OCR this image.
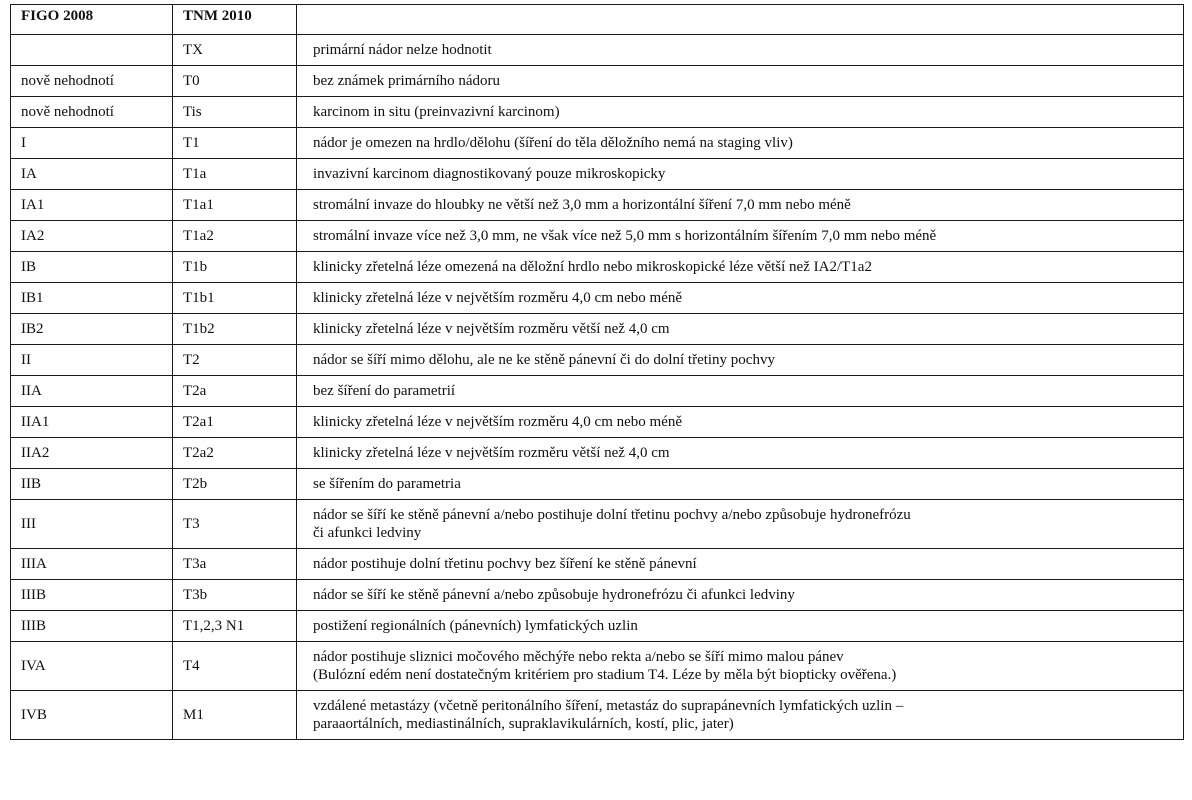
FIGO 2008	TNM 2010	
	TX	primární nádor nelze hodnotit
nově nehodnotí	T0	bez známek primárního nádoru
nově nehodnotí	Tis	karcinom in situ (preinvazivní karcinom)
I	T1	nádor je omezen na hrdlo/dělohu (šíření do těla děložního nemá na staging vliv)
IA	T1a	invazivní karcinom diagnostikovaný pouze mikroskopicky
IA1	T1a1	stromální invaze do hloubky ne větší než 3,0 mm a horizontální šíření 7,0 mm nebo méně
IA2	T1a2	stromální invaze více než 3,0 mm, ne však více než 5,0 mm s horizontálním šířením 7,0 mm nebo méně
IB	T1b	klinicky zřetelná léze omezená na děložní hrdlo nebo mikroskopické léze větší než IA2/T1a2
IB1	T1b1	klinicky zřetelná léze v největším rozměru 4,0 cm nebo méně
IB2	T1b2	klinicky zřetelná léze v největším rozměru větší než 4,0 cm
II	T2	nádor se šíří mimo dělohu, ale ne ke stěně pánevní či do dolní třetiny pochvy
IIA	T2a	bez šíření do parametrií
IIA1	T2a1	klinicky zřetelná léze v největším rozměru 4,0 cm nebo méně
IIA2	T2a2	klinicky zřetelná léze v největším rozměru větší než 4,0 cm
IIB	T2b	se šířením do parametria
III	T3	nádor se šíří ke stěně pánevní a/nebo postihuje dolní třetinu pochvy a/nebo způsobuje hydronefrózu
či afunkci ledviny

IIIA	T3a	nádor postihuje dolní třetinu pochvy bez šíření ke stěně pánevní
IIIB	T3b	nádor se šíří ke stěně pánevní a/nebo způsobuje hydronefrózu či afunkci ledviny
IIIB	T1,2,3 N1	postižení regionálních (pánevních) lymfatických uzlin
IVA	T4	nádor postihuje sliznici močového měchýře nebo rekta a/nebo se šíří mimo malou pánev
(Bulózní edém není dostatečným kritériem pro stadium T4. Léze by měla být biopticky ověřena.)

IVB	M1	vzdálené metastázy (včetně peritonálního šíření, metastáz do suprapánevních lymfatických uzlin –
paraaortálních, mediastinálních, supraklavikulárních, kostí, plic, jater)
